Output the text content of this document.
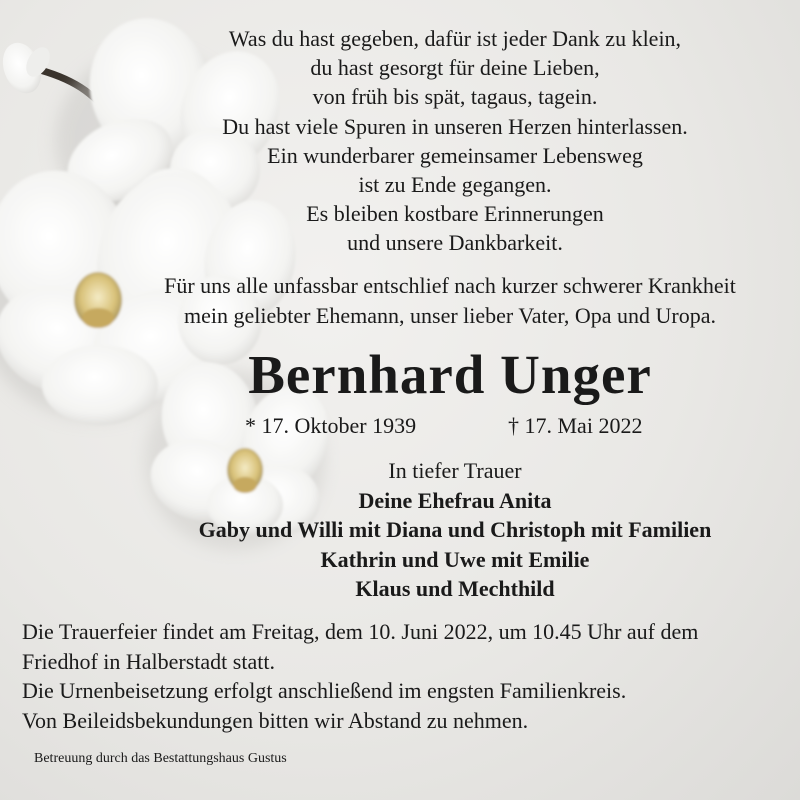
Was du hast gegeben, dafür ist jeder Dank zu klein,
du hast gesorgt für deine Lieben,
von früh bis spät, tagaus, tagein.
Du hast viele Spuren in unseren Herzen hinterlassen.
Ein wunderbarer gemeinsamer Lebensweg
ist zu Ende gegangen.
Es bleiben kostbare Erinnerungen
und unsere Dankbarkeit.
Für uns alle unfassbar entschlief nach kurzer schwerer Krankheit
mein geliebter Ehemann, unser lieber Vater, Opa und Uropa.
Bernhard Unger
* 17. Oktober 1939	† 17. Mai 2022
In tiefer Trauer
Deine Ehefrau Anita
Gaby und Willi mit Diana und Christoph mit Familien
Kathrin und Uwe mit Emilie
Klaus und Mechthild
Die Trauerfeier findet am Freitag, dem 10. Juni 2022, um 10.45 Uhr auf dem
Friedhof in Halberstadt statt.
Die Urnenbeisetzung erfolgt anschließend im engsten Familienkreis.
Von Beileidsbekundungen bitten wir Abstand zu nehmen.
Betreuung durch das Bestattungshaus Gustus
